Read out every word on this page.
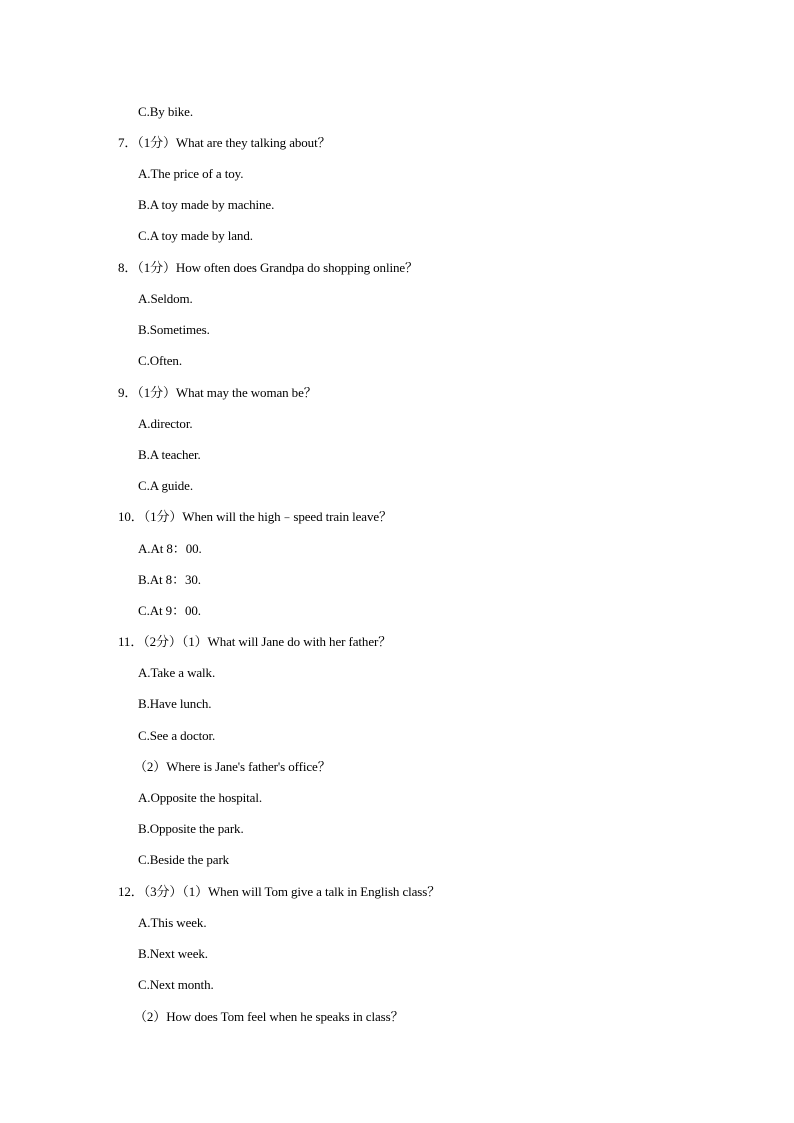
C.By bike.
7．（1分）What are they talking about？
A.The price of a toy.
B.A toy made by machine.
C.A toy made by land.
8．（1分）How often does Grandpa do shopping online？
A.Seldom.
B.Sometimes.
C.Often.
9．（1分）What may the woman be？
A.director.
B.A teacher.
C.A guide.
10．（1分）When will the high﹣speed train leave？
A.At 8：00.
B.At 8：30.
C.At 9：00.
11．（2分）（1）What will Jane do with her father？
A.Take a walk.
B.Have lunch.
C.See a doctor.
（2）Where is Jane's father's office？
A.Opposite the hospital.
B.Opposite the park.
C.Beside the park
12．（3分）（1）When will Tom give a talk in English class？
A.This week.
B.Next week.
C.Next month.
（2）How does Tom feel when he speaks in class？
